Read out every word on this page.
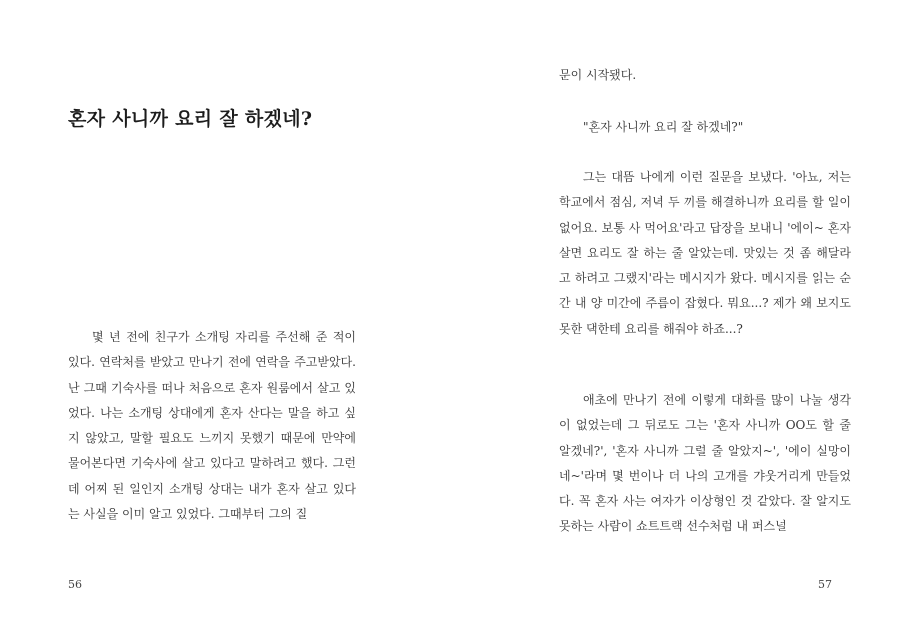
혼자 사니까 요리 잘 하겠네?

몇 년 전에 친구가 소개팅 자리를 주선해 준 적이 있다. 연락처를 받았고 만나기 전에 연락을 주고받았다. 난 그때 기숙사를 떠나 처음으로 혼자 원룸에서 살고 있었다. 나는 소개팅 상대에게 혼자 산다는 말을 하고 싶지 않았고, 말할 필요도 느끼지 못했기 때문에 만약에 물어본다면 기숙사에 살고 있다고 말하려고 했다. 그런데 어찌 된 일인지 소개팅 상대는 내가 혼자 살고 있다는 사실을 이미 알고 있었다. 그때부터 그의 질

56
문이 시작됐다.
"혼자 사니까 요리 잘 하겠네?"

그는 대뜸 나에게 이런 질문을 보냈다. '아뇨, 저는 학교에서 점심, 저녁 두 끼를 해결하니까 요리를 할 일이 없어요. 보통 사 먹어요'라고 답장을 보내니 '에이~ 혼자 살면 요리도 잘 하는 줄 알았는데. 맛있는 것 좀 해달라고 하려고 그랬지'라는 메시지가 왔다. 메시지를 읽는 순간 내 양 미간에 주름이 잡혔다. 뭐요...? 제가 왜 보지도 못한 댁한테 요리를 해줘야 하죠...?

애초에 만나기 전에 이렇게 대화를 많이 나눌 생각이 없었는데 그 뒤로도 그는 '혼자 사니까 OO도 할 줄 알겠네?', '혼자 사니까 그럴 줄 알았지~', '에이 실망이네~'라며 몇 번이나 더 나의 고개를 갸웃거리게 만들었다. 꼭 혼자 사는 여자가 이상형인 것 같았다. 잘 알지도 못하는 사람이 쇼트트랙 선수처럼 내 퍼스널

57
